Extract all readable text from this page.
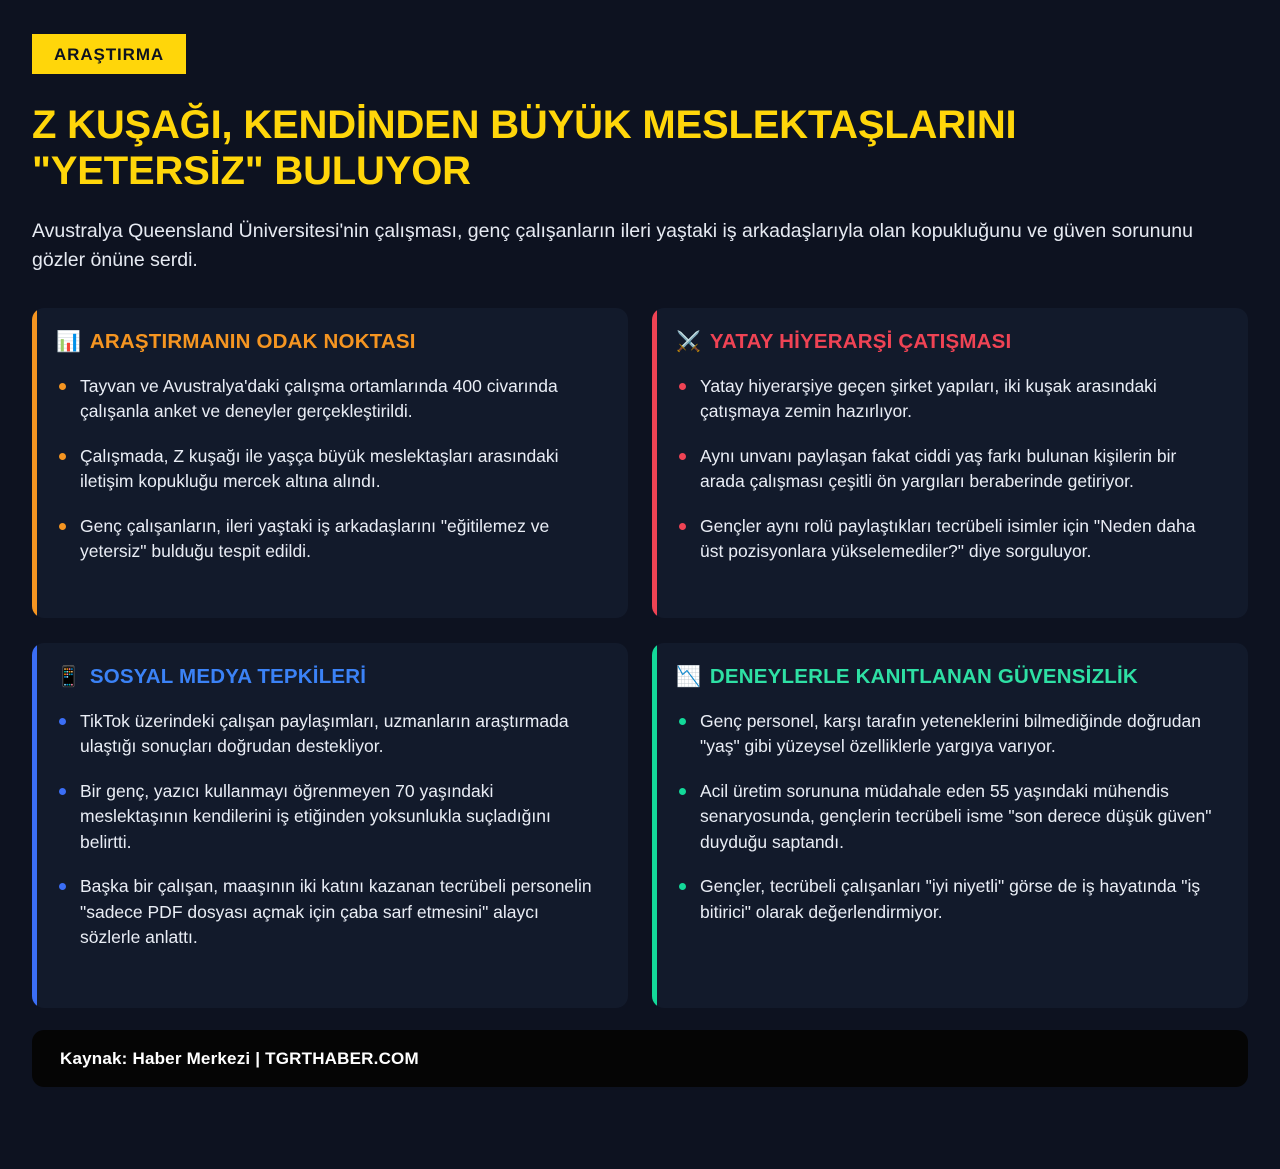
ARAŞTIRMA
Z KUŞAĞI, KENDİNDEN BÜYÜK MESLEKTAŞLARINI "YETERSİZ" BULUYOR

Avustralya Queensland Üniversitesi'nin çalışması, genç çalışanların ileri yaştaki iş arkadaşlarıyla olan kopukluğunu ve güven sorununu gözler önüne serdi.

📊 ARAŞTIRMANIN ODAK NOKTASI
Tayvan ve Avustralya'daki çalışma ortamlarında 400 civarında çalışanla anket ve deneyler gerçekleştirildi.
Çalışmada, Z kuşağı ile yaşça büyük meslektaşları arasındaki iletişim kopukluğu mercek altına alındı.
Genç çalışanların, ileri yaştaki iş arkadaşlarını "eğitilemez ve yetersiz" bulduğu tespit edildi.
⚔️ YATAY HİYERARŞİ ÇATIŞMASI
Yatay hiyerarşiye geçen şirket yapıları, iki kuşak arasındaki çatışmaya zemin hazırlıyor.
Aynı unvanı paylaşan fakat ciddi yaş farkı bulunan kişilerin bir arada çalışması çeşitli ön yargıları beraberinde getiriyor.
Gençler aynı rolü paylaştıkları tecrübeli isimler için "Neden daha üst pozisyonlara yükselemediler?" diye sorguluyor.
📱 SOSYAL MEDYA TEPKİLERİ
TikTok üzerindeki çalışan paylaşımları, uzmanların araştırmada ulaştığı sonuçları doğrudan destekliyor.
Bir genç, yazıcı kullanmayı öğrenmeyen 70 yaşındaki meslektaşının kendilerini iş etiğinden yoksunlukla suçladığını belirtti.
Başka bir çalışan, maaşının iki katını kazanan tecrübeli personelin "sadece PDF dosyası açmak için çaba sarf etmesini" alaycı sözlerle anlattı.
📉 DENEYLERLE KANITLANAN GÜVENSİZLİK
Genç personel, karşı tarafın yeteneklerini bilmediğinde doğrudan "yaş" gibi yüzeysel özelliklerle yargıya varıyor.
Acil üretim sorununa müdahale eden 55 yaşındaki mühendis senaryosunda, gençlerin tecrübeli isme "son derece düşük güven" duyduğu saptandı.
Gençler, tecrübeli çalışanları "iyi niyetli" görse de iş hayatında "iş bitirici" olarak değerlendirmiyor.
Kaynak: Haber Merkezi | TGRTHABER.COM
